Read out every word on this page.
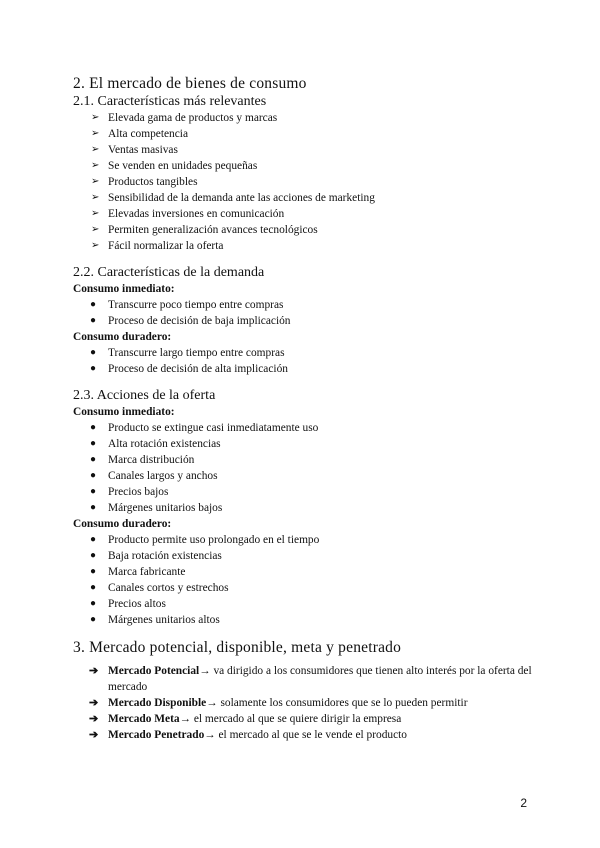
2. El mercado de bienes de consumo
2.1. Características más relevantes
➢ Elevada gama de productos y marcas
➢ Alta competencia
➢ Ventas masivas
➢ Se venden en unidades pequeñas
➢ Productos tangibles
➢ Sensibilidad de la demanda ante las acciones de marketing
➢ Elevadas inversiones en comunicación
➢ Permiten generalización avances tecnológicos
➢ Fácil normalizar la oferta
2.2. Características de la demanda
Consumo inmediato:
● Transcurre poco tiempo entre compras
● Proceso de decisión de baja implicación
Consumo duradero:
● Transcurre largo tiempo entre compras
● Proceso de decisión de alta implicación
2.3. Acciones de la oferta
Consumo inmediato:
● Producto se extingue casi inmediatamente uso
● Alta rotación existencias
● Marca distribución
● Canales largos y anchos
● Precios bajos
● Márgenes unitarios bajos
Consumo duradero:
● Producto permite uso prolongado en el tiempo
● Baja rotación existencias
● Marca fabricante
● Canales cortos y estrechos
● Precios altos
● Márgenes unitarios altos
3. Mercado potencial, disponible, meta y penetrado
➔ Mercado Potencial→ va dirigido a los consumidores que tienen alto interés por la oferta del mercado
➔ Mercado Disponible→ solamente los consumidores que se lo pueden permitir
➔ Mercado Meta→ el mercado al que se quiere dirigir la empresa
➔ Mercado Penetrado→ el mercado al que se le vende el producto
2
